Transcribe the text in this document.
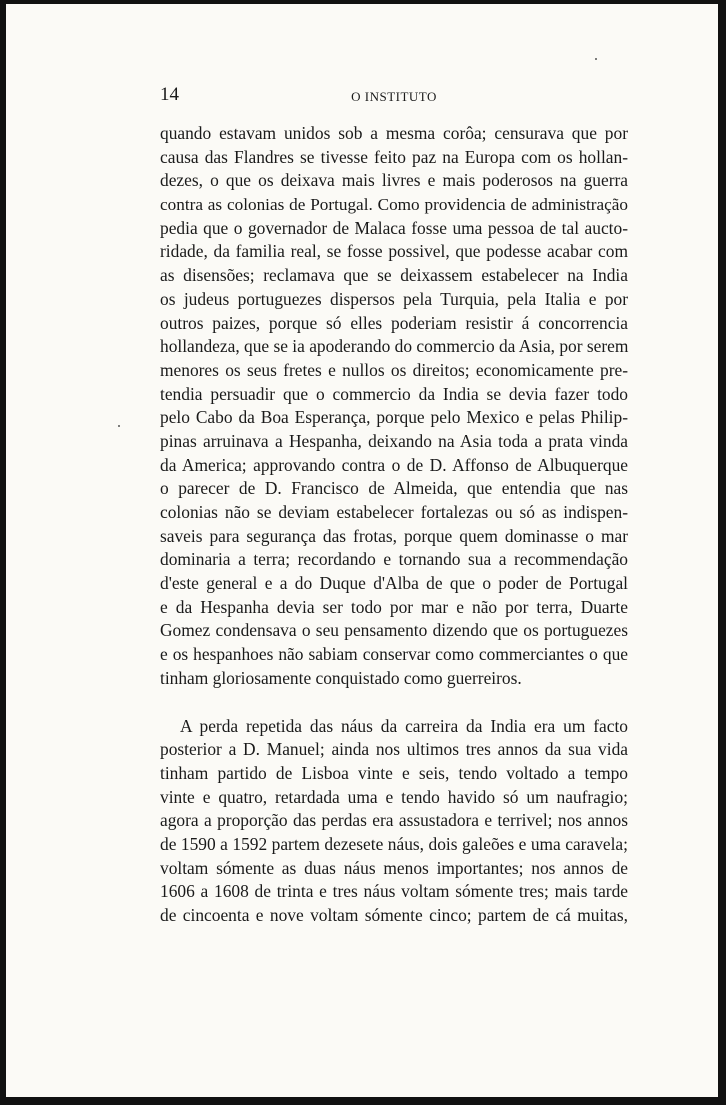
14	O INSTITUTO

quando estavam unidos sob a mesma corôa; censurava que por
causa das Flandres se tivesse feito paz na Europa com os hollan-
dezes, o que os deixava mais livres e mais poderosos na guerra
contra as colonias de Portugal. Como providencia de administração
pedia que o governador de Malaca fosse uma pessoa de tal aucto-
ridade, da familia real, se fosse possivel, que podesse acabar com
as disensões; reclamava que se deixassem estabelecer na India
os judeus portuguezes dispersos pela Turquia, pela Italia e por
outros paizes, porque só elles poderiam resistir á concorrencia
hollandeza, que se ia apoderando do commercio da Asia, por serem
menores os seus fretes e nullos os direitos; economicamente pre-
tendia persuadir que o commercio da India se devia fazer todo
pelo Cabo da Boa Esperança, porque pelo Mexico e pelas Philip-
pinas arruinava a Hespanha, deixando na Asia toda a prata vinda
da America; approvando contra o de D. Affonso de Albuquerque
o parecer de D. Francisco de Almeida, que entendia que nas
colonias não se deviam estabelecer fortalezas ou só as indispen-
saveis para segurança das frotas, porque quem dominasse o mar
dominaria a terra; recordando e tornando sua a recommendação
d'este general e a do Duque d'Alba de que o poder de Portugal
e da Hespanha devia ser todo por mar e não por terra, Duarte
Gomez condensava o seu pensamento dizendo que os portuguezes
e os hespanhoes não sabiam conservar como commerciantes o que
tinham gloriosamente conquistado como guerreiros.

A perda repetida das náus da carreira da India era um facto
posterior a D. Manuel; ainda nos ultimos tres annos da sua vida
tinham partido de Lisboa vinte e seis, tendo voltado a tempo
vinte e quatro, retardada uma e tendo havido só um naufragio;
agora a proporção das perdas era assustadora e terrivel; nos annos
de 1590 a 1592 partem dezesete náus, dois galeões e uma caravela;
voltam sómente as duas náus menos importantes; nos annos de
1606 a 1608 de trinta e tres náus voltam sómente tres; mais tarde
de cincoenta e nove voltam sómente cinco; partem de cá muitas,
